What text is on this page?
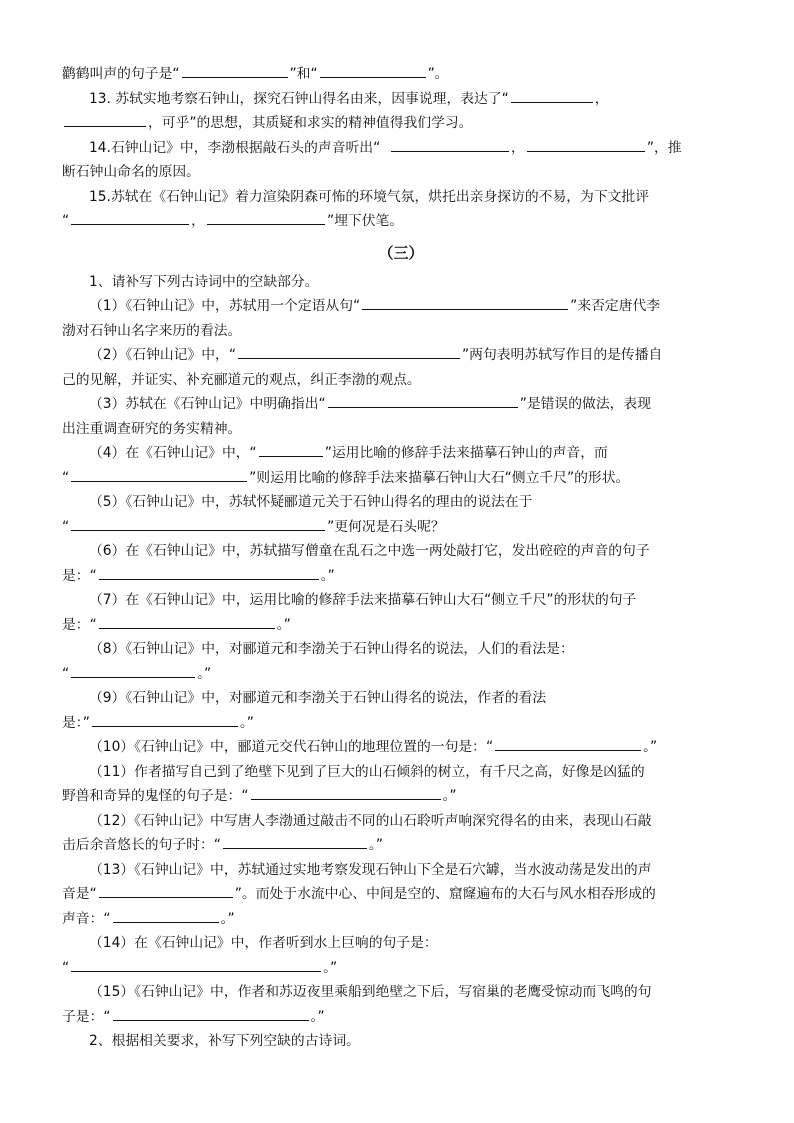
鹳鹤叫声的句子是“	”和“	”。
13. 苏轼实地考察石钟山，探究石钟山得名由来，因事说理，表达了“	，
，可乎”的思想，其质疑和求实的精神值得我们学习。
14.石钟山记》中，李渤根据敲石头的声音听出“	，	”，推
断石钟山命名的原因。
15.苏轼在《石钟山记》着力渲染阴森可怖的环境气氛，烘托出亲身探访的不易，为下文批评
“	，	”埋下伏笔。
（三）
1、请补写下列古诗词中的空缺部分。
（1）《石钟山记》中，苏轼用一个定语从句“	”来否定唐代李
渤对石钟山名字来历的看法。
（2）《石钟山记》中，“	”两句表明苏轼写作目的是传播自
己的见解，并证实、补充郦道元的观点，纠正李渤的观点。
（3）苏轼在《石钟山记》中明确指出“	”是错误的做法，表现
出注重调查研究的务实精神。
（4）在《石钟山记》中，“	”运用比喻的修辞手法来描摹石钟山的声音，而
“	”则运用比喻的修辞手法来描摹石钟山大石“侧立千尺”的形状。
（5）《石钟山记》中，苏轼怀疑郦道元关于石钟山得名的理由的说法在于
“	”更何况是石头呢？
（6）在《石钟山记》中，苏轼描写僧童在乱石之中选一两处敲打它，发出硿硿的声音的句子
是：“	。”
（7）在《石钟山记》中，运用比喻的修辞手法来描摹石钟山大石“侧立千尺”的形状的句子
是：“	。”
（8）《石钟山记》中，对郦道元和李渤关于石钟山得名的说法，人们的看法是：
“	。”
（9）《石钟山记》中，对郦道元和李渤关于石钟山得名的说法，作者的看法
是：”	。”
（10）《石钟山记》中，郦道元交代石钟山的地理位置的一句是：“	。”
（11）作者描写自己到了绝壁下见到了巨大的山石倾斜的树立，有千尺之高，好像是凶猛的
野兽和奇异的鬼怪的句子是：“	。”
（12）《石钟山记》中写唐人李渤通过敲击不同的山石聆听声响深究得名的由来，表现山石敲
击后余音悠长的句子时：“	。”
（13）《石钟山记》中，苏轼通过实地考察发现石钟山下全是石穴罅，当水波动荡是发出的声
音是“	”。而处于水流中心、中间是空的、窟窿遍布的大石与风水相吞形成的
声音：“	。”
（14）在《石钟山记》中，作者听到水上巨响的句子是：
“	。”
（15）《石钟山记》中，作者和苏迈夜里乘船到绝壁之下后，写宿巢的老鹰受惊动而飞鸣的句
子是：“	。”
2、根据相关要求，补写下列空缺的古诗词。
